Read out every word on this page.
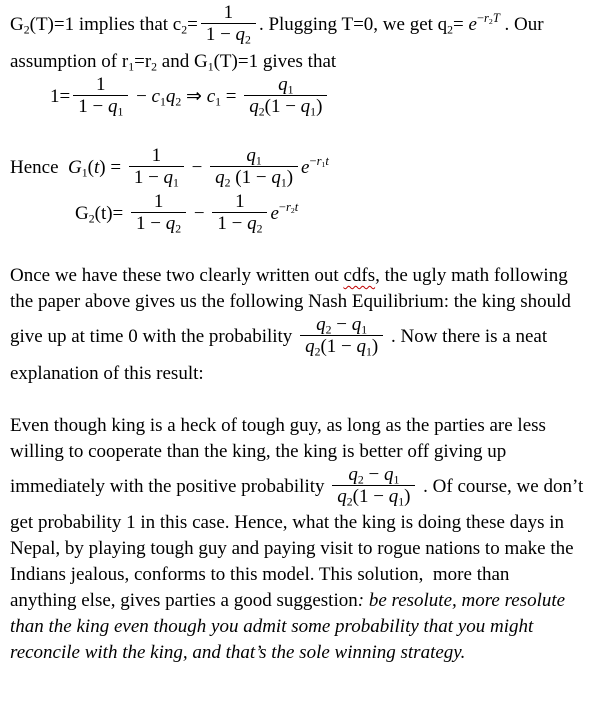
$G_2(T)=1$ implies that $c_2= \frac{1}{1 - q_2}$ . Plugging T=0, we get $q_2= e^{-r_2T}$ . Our
assumption of $r_1=r_2$ and $G_1(T)=1$ gives that
$1= \frac{1}{1 - q_1} - c_1q_2$ ⇒ $c_1 = \frac{q_1}{q_2(1 - q_1)}$
Hence  $G_1(t) = \frac{1}{1 - q_1} - \frac{q_1}{q_2 (1 - q_1)} e^{-r_1t}$
$G_2(t)= \frac{1}{1 - q_2} - \frac{1}{1 - q_2} e^{-r_2t}$
Once we have these two clearly written out cdfs, the ugly math following
the paper above gives us the following Nash Equilibrium: the king should
give up at time 0 with the probability $\frac{q_2 - q_1}{q_2(1 - q_1)}$ . Now there is a neat
explanation of this result:
Even though king is a heck of tough guy, as long as the parties are less
willing to cooperate than the king, the king is better off giving up
immediately with the positive probability $\frac{q_2 - q_1}{q_2(1 - q_1)}$ . Of course, we don’t
get probability 1 in this case. Hence, what the king is doing these days in
Nepal, by playing tough guy and paying visit to rogue nations to make the
Indians jealous, conforms to this model. This solution,  more than
anything else, gives parties a good suggestion: be resolute, more resolute
than the king even though you admit some probability that you might
reconcile with the king, and that’s the sole winning strategy.
